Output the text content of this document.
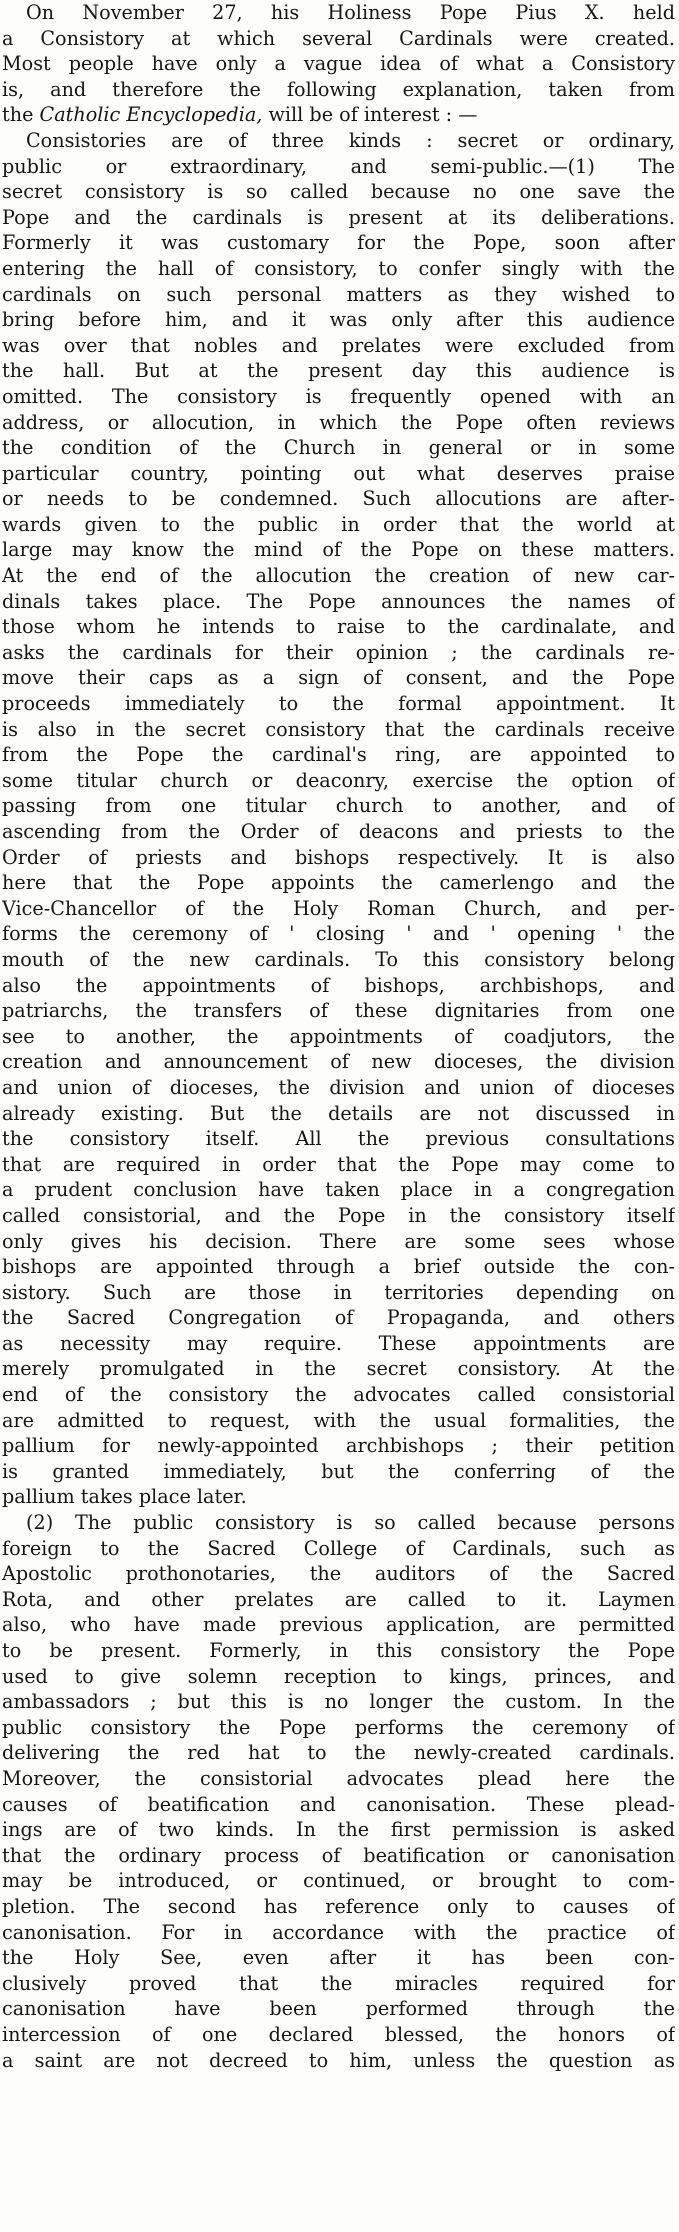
On November 27, his Holiness Pope Pius X. held
a Consistory at which several Cardinals were created.
Most people have only a vague idea of what a Consistory
is, and therefore the following explanation, taken from
the Catholic Encyclopedia, will be of interest : —
Consistories are of three kinds : secret or ordinary,
public or extraordinary, and semi-public.—(1) The
secret consistory is so called because no one save the
Pope and the cardinals is present at its deliberations.
Formerly it was customary for the Pope, soon after
entering the hall of consistory, to confer singly with the
cardinals on such personal matters as they wished to
bring before him, and it was only after this audience
was over that nobles and prelates were excluded from
the hall. But at the present day this audience is
omitted. The consistory is frequently opened with an
address, or allocution, in which the Pope often reviews
the condition of the Church in general or in some
particular country, pointing out what deserves praise
or needs to be condemned. Such allocutions are after-
wards given to the public in order that the world at
large may know the mind of the Pope on these matters.
At the end of the allocution the creation of new car-
dinals takes place. The Pope announces the names of
those whom he intends to raise to the cardinalate, and
asks the cardinals for their opinion ; the cardinals re-
move their caps as a sign of consent, and the Pope
proceeds immediately to the formal appointment. It
is also in the secret consistory that the cardinals receive
from the Pope the cardinal's ring, are appointed to
some titular church or deaconry, exercise the option of
passing from one titular church to another, and of
ascending from the Order of deacons and priests to the
Order of priests and bishops respectively. It is also
here that the Pope appoints the camerlengo and the
Vice-Chancellor of the Holy Roman Church, and per-
forms the ceremony of ' closing ' and ' opening ' the
mouth of the new cardinals. To this consistory belong
also the appointments of bishops, archbishops, and
patriarchs, the transfers of these dignitaries from one
see to another, the appointments of coadjutors, the
creation and announcement of new dioceses, the division
and union of dioceses, the division and union of dioceses
already existing. But the details are not discussed in
the consistory itself. All the previous consultations
that are required in order that the Pope may come to
a prudent conclusion have taken place in a congregation
called consistorial, and the Pope in the consistory itself
only gives his decision. There are some sees whose
bishops are appointed through a brief outside the con-
sistory. Such are those in territories depending on
the Sacred Congregation of Propaganda, and others
as necessity may require. These appointments are
merely promulgated in the secret consistory. At the
end of the consistory the advocates called consistorial
are admitted to request, with the usual formalities, the
pallium for newly-appointed archbishops ; their petition
is granted immediately, but the conferring of the
pallium takes place later.
(2) The public consistory is so called because persons
foreign to the Sacred College of Cardinals, such as
Apostolic prothonotaries, the auditors of the Sacred
Rota, and other prelates are called to it. Laymen
also, who have made previous application, are permitted
to be present. Formerly, in this consistory the Pope
used to give solemn reception to kings, princes, and
ambassadors ; but this is no longer the custom. In the
public consistory the Pope performs the ceremony of
delivering the red hat to the newly-created cardinals.
Moreover, the consistorial advocates plead here the
causes of beatification and canonisation. These plead-
ings are of two kinds. In the first permission is asked
that the ordinary process of beatification or canonisation
may be introduced, or continued, or brought to com-
pletion. The second has reference only to causes of
canonisation. For in accordance with the practice of
the Holy See, even after it has been con-
clusively proved that the miracles required for
canonisation have been performed through the
intercession of one declared blessed, the honors of
a saint are not decreed to him, unless the question as
